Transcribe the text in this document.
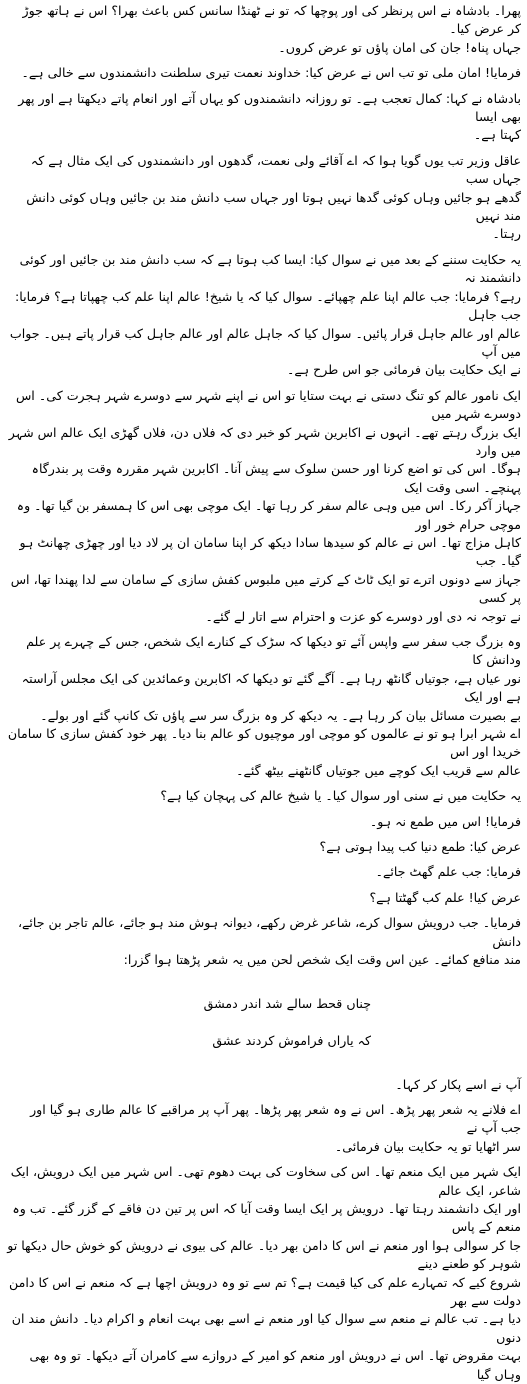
پھرا۔ بادشاہ نے اس پرنظر کی اور پوچھا کہ تو نے ٹھنڈا سانس کس باعث بھرا؟ اس نے ہاتھ جوڑ کر عرض کیا۔
جہاں پناہ! جان کی امان پاؤں تو عرض کروں۔
فرمایا! امان ملی تو تب اس نے عرض کیا: خداوند نعمت تیری سلطنت دانشمندوں سے خالی ہے۔
بادشاہ نے کہا: کمال تعجب ہے۔ تو روزانہ دانشمندوں کو یہاں آتے اور انعام پاتے دیکھتا ہے اور پھر بھی ایسا
کہتا ہے۔
عاقل وزیر تب یوں گویا ہوا کہ اے آقائے ولی نعمت، گدھوں اور دانشمندوں کی ایک مثال ہے کہ جہاں سب
گدھے ہو جائیں وہاں کوئی گدھا نہیں ہوتا اور جہاں سب دانش مند بن جائیں وہاں کوئی دانش مند نہیں
رہتا۔
یہ حکایت سننے کے بعد میں نے سوال کیا: ایسا کب ہوتا ہے کہ سب دانش مند بن جائیں اور کوئی دانشمند نہ
رہے؟ فرمایا: جب عالم اپنا علم چھپائے۔ سوال کیا کہ یا شیخ! عالم اپنا علم کب چھپاتا ہے؟ فرمایا: جب جاہل
عالم اور عالم جاہل قرار پائیں۔ سوال کیا کہ جاہل عالم اور عالم جاہل کب قرار پاتے ہیں۔ جواب میں آپ
نے ایک حکایت بیان فرمائی جو اس طرح ہے۔
ایک نامور عالم کو تنگ دستی نے بہت ستایا تو اس نے اپنے شہر سے دوسرے شہر ہجرت کی۔ اس دوسرے شہر میں
ایک بزرگ رہتے تھے۔ انہوں نے اکابرین شہر کو خبر دی کہ فلاں دن، فلاں گھڑی ایک عالم اس شہر میں وارد
ہوگا۔ اس کی تو اضع کرنا اور حسن سلوک سے پیش آنا۔ اکابرین شہر مقررہ وقت پر بندرگاہ پہنچے۔ اسی وقت ایک
جہاز آکر رکا۔ اس میں وہی عالم سفر کر رہا تھا۔ ایک موچی بھی اس کا ہمسفر بن گیا تھا۔ وہ موچی حرام خور اور
کاہل مزاج تھا۔ اس نے عالم کو سیدھا سادا دیکھ کر اپنا سامان ان پر لاد دیا اور چھڑی چھانٹ ہو گیا۔ جب
جہاز سے دونوں اترے تو ایک ٹاٹ کے کرتے میں ملبوس کفش سازی کے سامان سے لدا پھندا تھا، اس پر کسی
نے توجہ نہ دی اور دوسرے کو عزت و احترام سے اتار لے گئے۔
وہ بزرگ جب سفر سے واپس آئے تو دیکھا کہ سڑک کے کنارے ایک شخص، جس کے چہرے پر علم ودانش کا
نور عیاں ہے، جوتیاں گانٹھ رہا ہے۔ آگے گئے تو دیکھا کہ اکابرین وعمائدین کی ایک مجلس آراستہ ہے اور ایک
بے بصیرت مسائل بیان کر رہا ہے۔ یہ دیکھ کر وہ بزرگ سر سے پاؤں تک کانپ گئے اور بولے۔
اے شہر ابرا ہو تو نے عالموں کو موچی اور موچیوں کو عالم بنا دیا۔ پھر خود کفش سازی کا سامان خریدا اور اس
عالم سے قریب ایک کوچے میں جوتیاں گانٹھنے بیٹھ گئے۔
یہ حکایت میں نے سنی اور سوال کیا۔ یا شیخ عالم کی پہچان کیا ہے؟
فرمایا! اس میں طمع نہ ہو۔
عرض کیا: طمع دنیا کب پیدا ہوتی ہے؟
فرمایا: جب علم گھٹ جائے۔
عرض کیا! علم کب گھٹتا ہے؟
فرمایا۔ جب درویش سوال کرے، شاعر غرض رکھے، دیوانہ ہوش مند ہو جائے، عالم تاجر بن جائے، دانش
مند منافع کمائے۔ عین اس وقت ایک شخص لحن میں یہ شعر پڑھتا ہوا گزرا:

چناں قحط سالے شد اندر دمشق

کہ یاراں فراموش کردند عشق

آپ نے اسے پکار کر کہا۔
اے فلانے یہ شعر پھر پڑھ۔ اس نے وہ شعر پھر پڑھا۔ پھر آپ پر مراقبے کا عالم طاری ہو گیا اور جب آپ نے
سر اٹھایا تو یہ حکایت بیان فرمائی۔
ایک شہر میں ایک منعم تھا۔ اس کی سخاوت کی بہت دھوم تھی۔ اس شہر میں ایک درویش، ایک شاعر، ایک عالم
اور ایک دانشمند رہتا تھا۔ درویش پر ایک ایسا وقت آیا کہ اس پر تین دن فاقے کے گزر گئے۔ تب وہ منعم کے پاس
جا کر سوالی ہوا اور منعم نے اس کا دامن بھر دیا۔ عالم کی بیوی نے درویش کو خوش حال دیکھا تو شوہر کو طعنے دینے
شروع کیے کہ تمہارے علم کی کیا قیمت ہے؟ تم سے تو وہ درویش اچھا ہے کہ منعم نے اس کا دامن دولت سے بھر
دیا ہے۔ تب عالم نے منعم سے سوال کیا اور منعم نے اسے بھی بہت انعام و اکرام دیا۔ دانش مند ان دنوں
بہت مقروض تھا۔ اس نے درویش اور منعم کو امیر کے دروازے سے کامران آتے دیکھا۔ تو وہ بھی وہاں گیا
